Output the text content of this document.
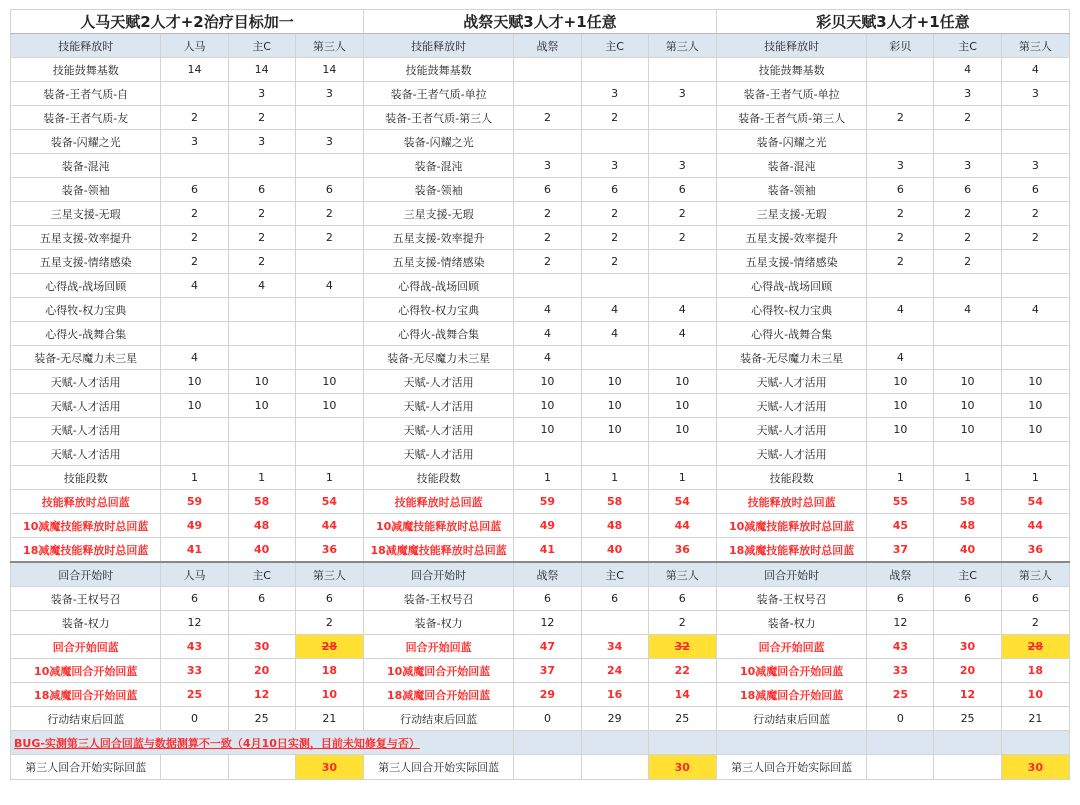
人马天赋2人才+2治疗目标加一				战祭天赋3人才+1任意				彩贝天赋3人才+1任意			
技能释放时	人马	主C	第三人	技能释放时	战祭	主C	第三人	技能释放时	彩贝	主C	第三人
技能鼓舞基数	14	14	14	技能鼓舞基数				技能鼓舞基数		4	4
装备-王者气质-自		3	3	装备-王者气质-单拉		3	3	装备-王者气质-单拉		3	3
装备-王者气质-友	2	2		装备-王者气质-第三人	2	2		装备-王者气质-第三人	2	2	
装备-闪耀之光	3	3	3	装备-闪耀之光				装备-闪耀之光			
装备-混沌				装备-混沌	3	3	3	装备-混沌	3	3	3
装备-领袖	6	6	6	装备-领袖	6	6	6	装备-领袖	6	6	6
三星支援-无瑕	2	2	2	三星支援-无瑕	2	2	2	三星支援-无瑕	2	2	2
五星支援-效率提升	2	2	2	五星支援-效率提升	2	2	2	五星支援-效率提升	2	2	2
五星支援-情绪感染	2	2		五星支援-情绪感染	2	2		五星支援-情绪感染	2	2	
心得战-战场回顾	4	4	4	心得战-战场回顾				心得战-战场回顾			
心得牧-权力宝典				心得牧-权力宝典	4	4	4	心得牧-权力宝典	4	4	4
心得火-战舞合集				心得火-战舞合集	4	4	4	心得火-战舞合集			
装备-无尽魔力未三星	4			装备-无尽魔力未三星	4			装备-无尽魔力未三星	4		
天赋-人才活用	10	10	10	天赋-人才活用	10	10	10	天赋-人才活用	10	10	10
天赋-人才活用	10	10	10	天赋-人才活用	10	10	10	天赋-人才活用	10	10	10
天赋-人才活用				天赋-人才活用	10	10	10	天赋-人才活用	10	10	10
天赋-人才活用				天赋-人才活用				天赋-人才活用			
技能段数	1	1	1	技能段数	1	1	1	技能段数	1	1	1
技能释放时总回蓝	59	58	54	技能释放时总回蓝	59	58	54	技能释放时总回蓝	55	58	54
10减魔技能释放时总回蓝	49	48	44	10减魔技能释放时总回蓝	49	48	44	10减魔技能释放时总回蓝	45	48	44
18减魔技能释放时总回蓝	41	40	36	18减魔魔技能释放时总回蓝	41	40	36	18减魔技能释放时总回蓝	37	40	36
回合开始时	人马	主C	第三人	回合开始时	战祭	主C	第三人	回合开始时	战祭	主C	第三人
装备-王权号召	6	6	6	装备-王权号召	6	6	6	装备-王权号召	6	6	6
装备-权力	12		2	装备-权力	12		2	装备-权力	12		2
回合开始回蓝	43	30	28	回合开始回蓝	47	34	32	回合开始回蓝	43	30	28
10减魔回合开始回蓝	33	20	18	10减魔回合开始回蓝	37	24	22	10减魔回合开始回蓝	33	20	18
18减魔回合开始回蓝	25	12	10	18减魔回合开始回蓝	29	16	14	18减魔回合开始回蓝	25	12	10
行动结束后回蓝	0	25	21	行动结束后回蓝	0	29	25	行动结束后回蓝	0	25	21
BUG-实测第三人回合回蓝与数据测算不一致（4月10日实测，目前未知修复与否）											
第三人回合开始实际回蓝			30	第三人回合开始实际回蓝			30	第三人回合开始实际回蓝			30
